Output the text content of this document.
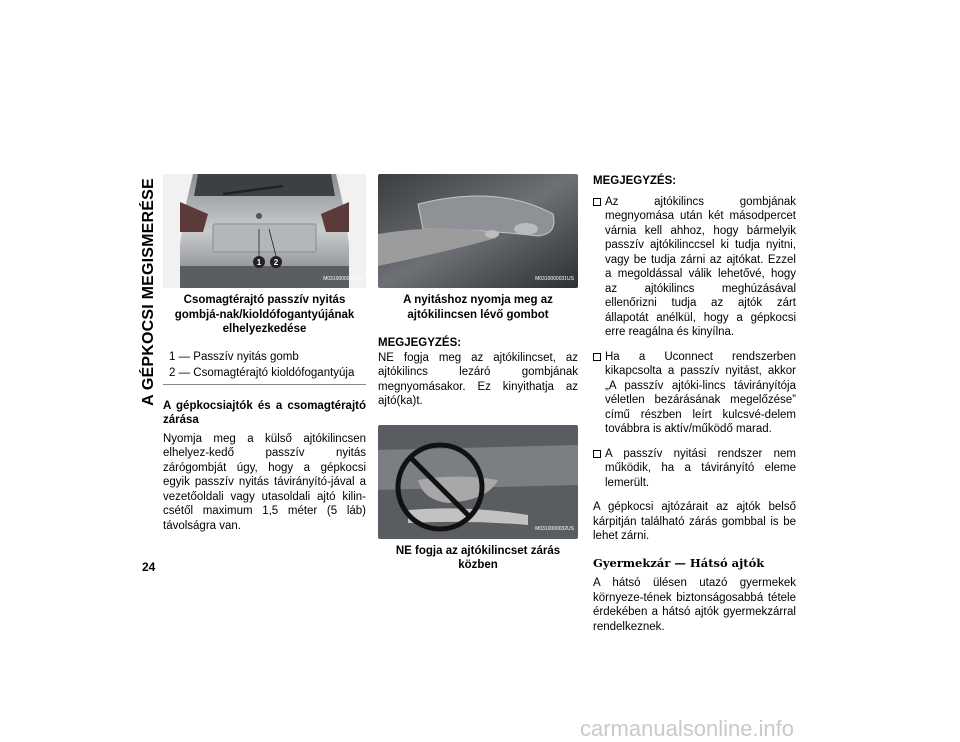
A GÉPKOCSI MEGISMERÉSE
24
1 2
M0310000030US
Csomagtérajtó passzív nyitás gombjá-nak/kioldófogantyújának elhelyezkedése
1 — Passzív nyitás gomb
2 — Csomagtérajtó kioldófogantyúja
A gépkocsiajtók és a csomagtérajtó zárása

Nyomja meg a külső ajtókilincsen elhelyez-kedő passzív nyitás zárógombját úgy, hogy a gépkocsi egyik passzív nyitás távirányító-jával a vezetőoldali vagy utasoldali ajtó kilin-csétől maximum 1,5 méter (5 láb) távolságra van.

M0310000031US
A nyitáshoz nyomja meg az ajtókilincsen lévő gombot
MEGJEGYZÉS:

NE fogja meg az ajtókilincset, az ajtókilincs lezáró gombjának megnyomásakor. Ez kinyithatja az ajtó(ka)t.

M0310000032US
NE fogja az ajtókilincset zárás közben
MEGJEGYZÉS:
Az ajtókilincs gombjának megnyomása után két másodpercet várnia kell ahhoz, hogy bármelyik passzív ajtókilinccsel ki tudja nyitni, vagy be tudja zárni az ajtókat. Ezzel a megoldással válik lehetővé, hogy az ajtókilincs meghúzásával ellenőrizni tudja az ajtók zárt állapotát anélkül, hogy a gépkocsi erre reagálna és kinyílna.
Ha a Uconnect rendszerben kikapcsolta a passzív nyitást, akkor „A passzív ajtóki-lincs távirányítója véletlen bezárásának megelőzése” című részben leírt kulcsvé-delem továbbra is aktív/működő marad.
A passzív nyitási rendszer nem működik, ha a távirányító eleme lemerült.

A gépkocsi ajtózárait az ajtók belső kárpitján található zárás gombbal is be lehet zárni.

Gyermekzár — Hátsó ajtók

A hátsó ülésen utazó gyermekek környeze-tének biztonságosabbá tétele érdekében a hátsó ajtók gyermekzárral rendelkeznek.

carmanualsonline.info
